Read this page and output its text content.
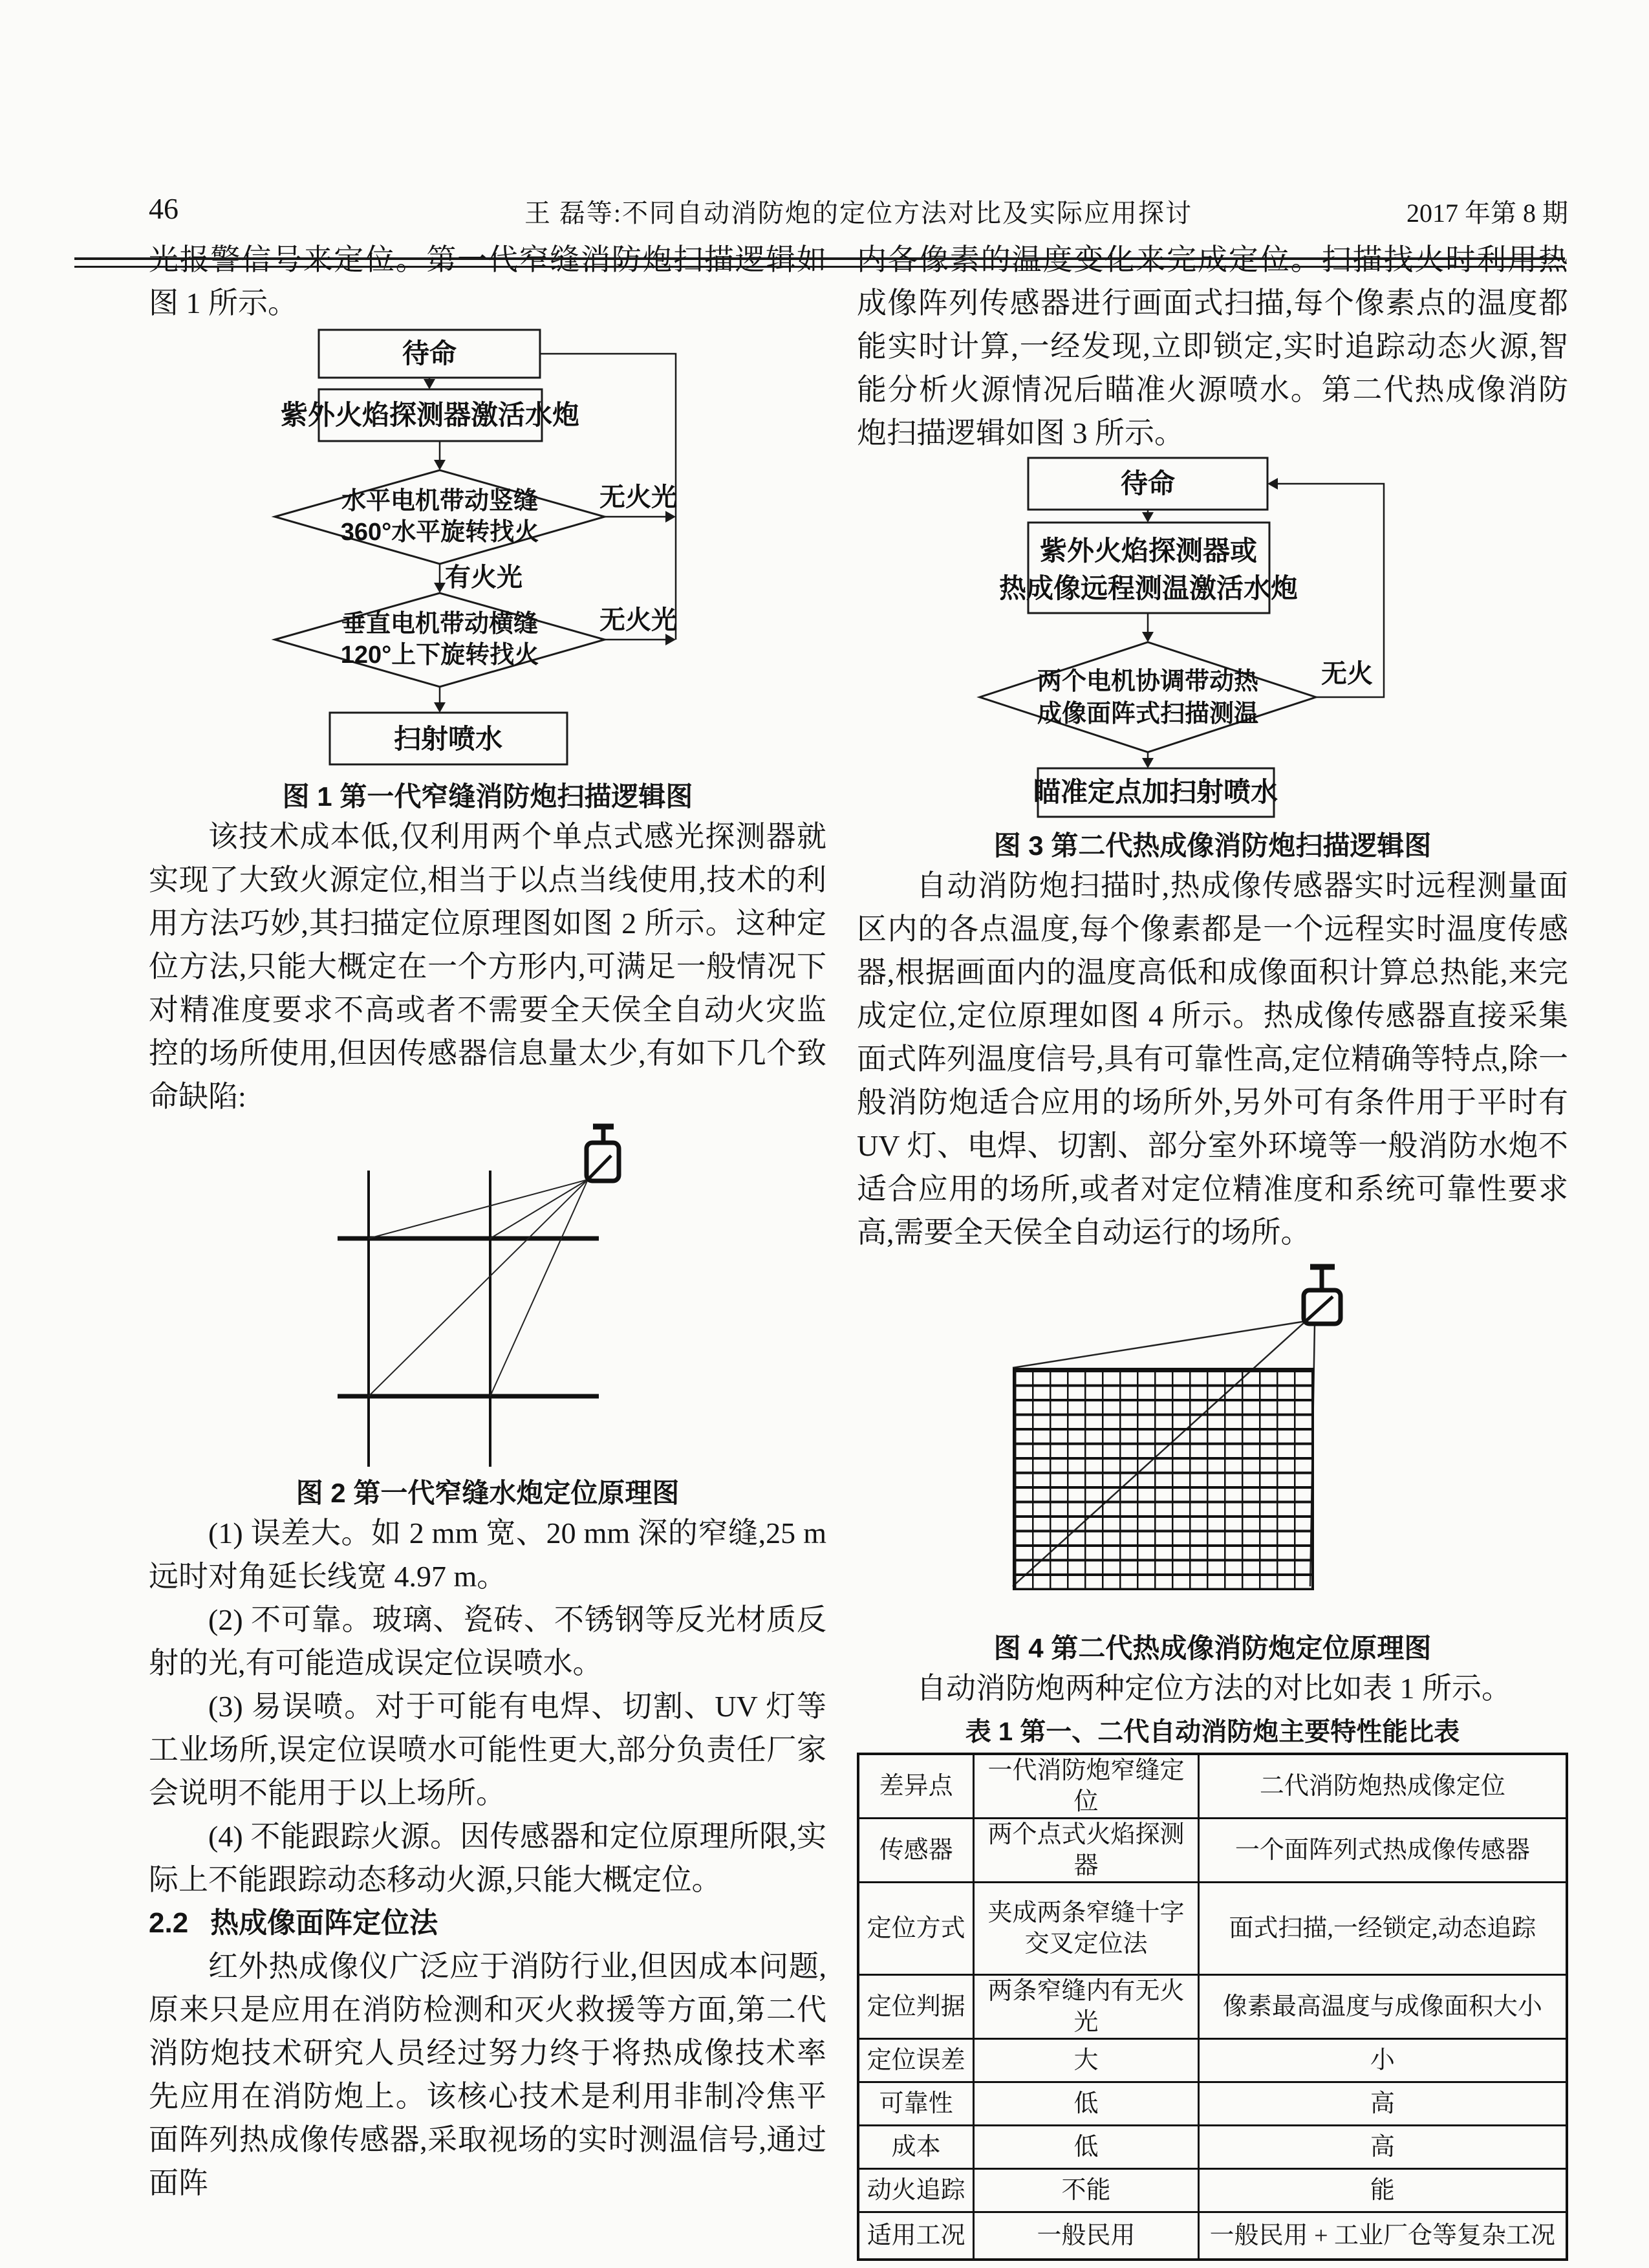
46	王 磊等:不同自动消防炮的定位方法对比及实际应用探讨	2017 年第 8 期

光报警信号来定位。第一代窄缝消防炮扫描逻辑如图 1 所示。

待命
紫外火焰探测器激活水炮
水平电机带动竖缝
360°水平旋转找火
无火光
有火光
垂直电机带动横缝
120°上下旋转找火
无火光
扫射喷水
图 1 第一代窄缝消防炮扫描逻辑图

该技术成本低,仅利用两个单点式感光探测器就实现了大致火源定位,相当于以点当线使用,技术的利用方法巧妙,其扫描定位原理图如图 2 所示。这种定位方法,只能大概定在一个方形内,可满足一般情况下对精准度要求不高或者不需要全天侯全自动火灾监控的场所使用,但因传感器信息量太少,有如下几个致命缺陷:

图 2 第一代窄缝水炮定位原理图

(1) 误差大。如 2 mm 宽、20 mm 深的窄缝,25 m 远时对角延长线宽 4.97 m。

(2) 不可靠。玻璃、瓷砖、不锈钢等反光材质反射的光,有可能造成误定位误喷水。

(3) 易误喷。对于可能有电焊、切割、UV 灯等工业场所,误定位误喷水可能性更大,部分负责任厂家会说明不能用于以上场所。

(4) 不能跟踪火源。因传感器和定位原理所限,实际上不能跟踪动态移动火源,只能大概定位。

2.2 热成像面阵定位法

红外热成像仪广泛应于消防行业,但因成本问题,原来只是应用在消防检测和灭火救援等方面,第二代消防炮技术研究人员经过努力终于将热成像技术率先应用在消防炮上。该核心技术是利用非制冷焦平面阵列热成像传感器,采取视场的实时测温信号,通过面阵

内各像素的温度变化来完成定位。扫描找火时利用热成像阵列传感器进行画面式扫描,每个像素点的温度都能实时计算,一经发现,立即锁定,实时追踪动态火源,智能分析火源情况后瞄准火源喷水。第二代热成像消防炮扫描逻辑如图 3 所示。

待命
紫外火焰探测器或
热成像远程测温激活水炮
两个电机协调带动热
成像面阵式扫描测温
无火
瞄准定点加扫射喷水
图 3 第二代热成像消防炮扫描逻辑图

自动消防炮扫描时,热成像传感器实时远程测量面区内的各点温度,每个像素都是一个远程实时温度传感器,根据画面内的温度高低和成像面积计算总热能,来完成定位,定位原理如图 4 所示。热成像传感器直接采集面式阵列温度信号,具有可靠性高,定位精确等特点,除一般消防炮适合应用的场所外,另外可有条件用于平时有 UV 灯、电焊、切割、部分室外环境等一般消防水炮不适合应用的场所,或者对定位精准度和系统可靠性要求高,需要全天侯全自动运行的场所。

图 4 第二代热成像消防炮定位原理图

自动消防炮两种定位方法的对比如表 1 所示。

表 1 第一、二代自动消防炮主要特性能比表
差异点	一代消防炮窄缝定位	二代消防炮热成像定位
传感器	两个点式火焰探测器	一个面阵列式热成像传感器
定位方式	夹成两条窄缝十字交叉定位法	面式扫描,一经锁定,动态追踪
定位判据	两条窄缝内有无火光	像素最高温度与成像面积大小
定位误差	大	小
可靠性	低	高
成本	低	高
动火追踪	不能	能
适用工况	一般民用	一般民用 + 工业厂仓等复杂工况
